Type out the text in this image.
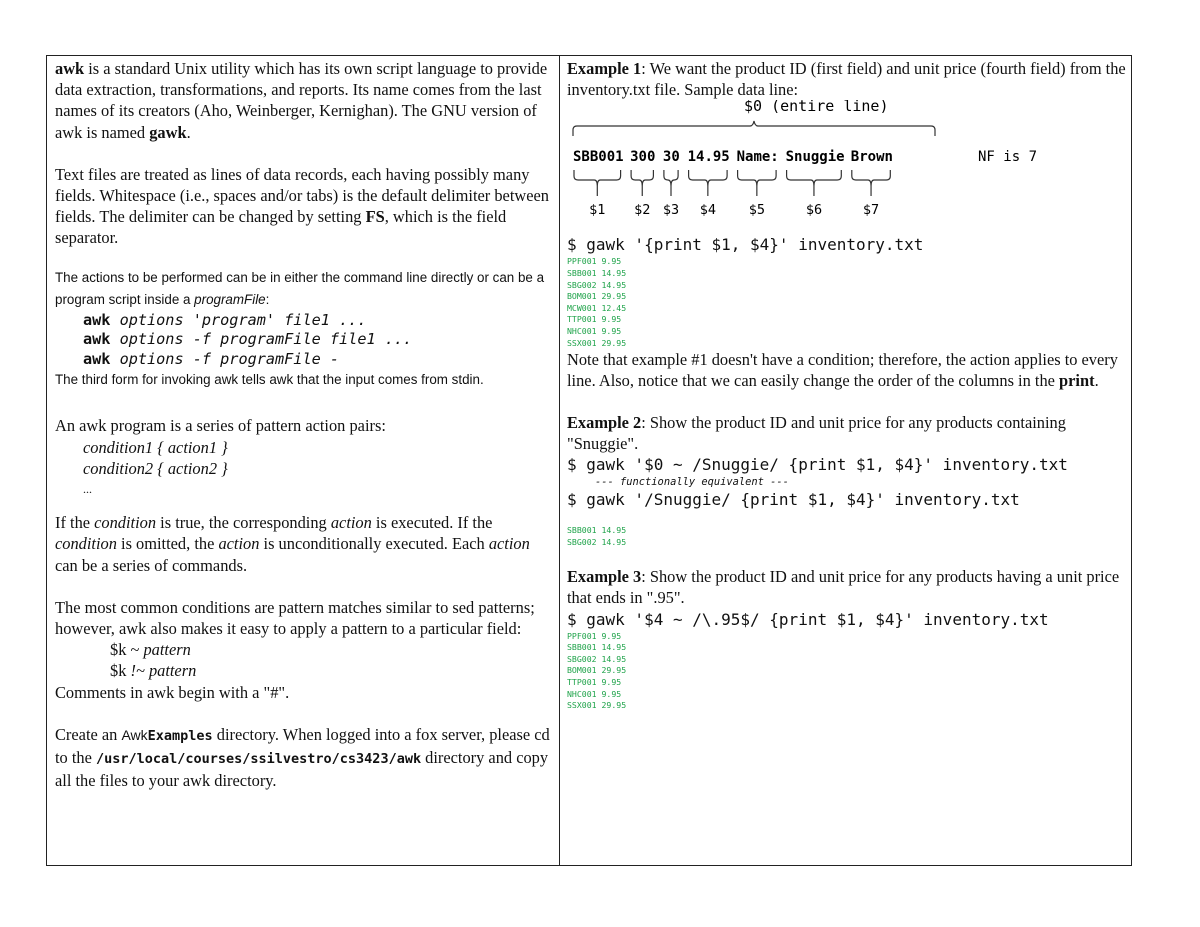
awk is a standard Unix utility which has its own script language to provide data extraction, transformations, and reports. Its name comes from the last names of its creators (Aho, Weinberger, Kernighan). The GNU version of awk is named gawk.

Text files are treated as lines of data records, each having possibly many fields. Whitespace (i.e., spaces and/or tabs) is the default delimiter between fields. The delimiter can be changed by setting FS, which is the field separator.

The actions to be performed can be in either the command line directly or can be a program script inside a programFile:

awk options 'program' file1 ...
awk options -f programFile file1 ...
awk options -f programFile -

The third form for invoking awk tells awk that the input comes from stdin.

An awk program is a series of pattern action pairs:

condition1 { action1 }
condition2 { action2 }
...

If the condition is true, the corresponding action is executed. If the condition is omitted, the action is unconditionally executed. Each action can be a series of commands.

The most common conditions are pattern matches similar to sed patterns; however, awk also makes it easy to apply a pattern to a particular field:

$k ~ pattern
$k !~ pattern

Comments in awk begin with a "#".

Create an AwkExamples directory. When logged into a fox server, please cd to the /usr/local/courses/ssilvestro/cs3423/awk directory and copy all the files to your awk directory.

Example 1: We want the product ID (first field) and unit price (fourth field) from the inventory.txt file. Sample data line:

$0 (entire line)
SBB001
$1
300
$2
30
$3
14.95
$4
Name:
$5
Snuggie
$6
Brown
$7
NF is 7
$ gawk '{print $1, $4}' inventory.txt
PPF001 9.95
SBB001 14.95
SBG002 14.95
BOM001 29.95
MCW001 12.45
TTP001 9.95
NHC001 9.95
SSX001 29.95

Note that example #1 doesn't have a condition; therefore, the action applies to every line. Also, notice that we can easily change the order of the columns in the print.

Example 2: Show the product ID and unit price for any products containing "Snuggie".

$ gawk '$0 ~ /Snuggie/ {print $1, $4}' inventory.txt
--- functionally equivalent ---
$ gawk '/Snuggie/ {print $1, $4}' inventory.txt
SBB001 14.95
SBG002 14.95

Example 3: Show the product ID and unit price for any products having a unit price that ends in ".95".

$ gawk '$4 ~ /\.95$/ {print $1, $4}' inventory.txt
PPF001 9.95
SBB001 14.95
SBG002 14.95
BOM001 29.95
TTP001 9.95
NHC001 9.95
SSX001 29.95
